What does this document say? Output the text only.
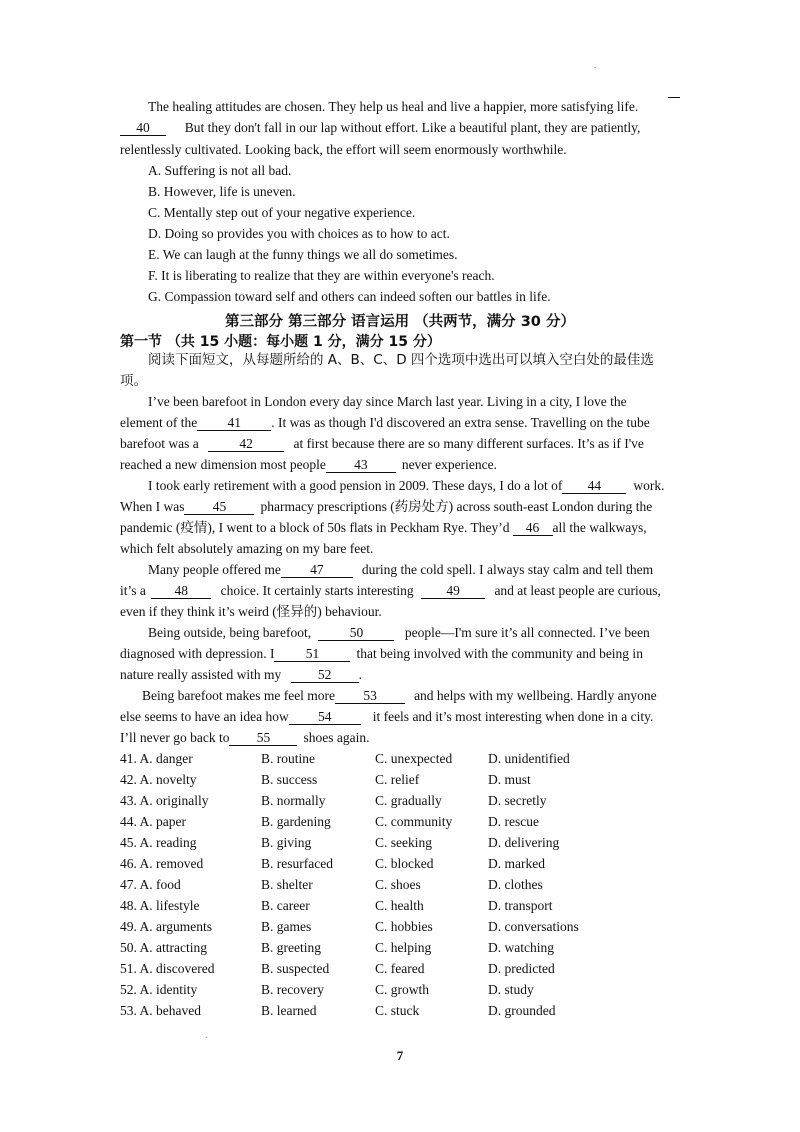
.
The healing attitudes are chosen. They help us heal and live a happier, more satisfying life.
40	But they don't fall in our lap without effort. Like a beautiful plant, they are patiently,
relentlessly cultivated. Looking back, the effort will seem enormously worthwhile.
A. Suffering is not all bad.
B. However, life is uneven.
C. Mentally step out of your negative experience.
D. Doing so provides you with choices as to how to act.
E. We can laugh at the funny things we all do sometimes.
F. It is liberating to realize that they are within everyone's reach.
G. Compassion toward self and others can indeed soften our battles in life.
第三部分 第三部分 语言运用 （共两节，满分 30 分）
第一节 （共 15 小题：每小题 1 分，满分 15 分）
阅读下面短文，从每题所给的 A、B、C、D 四个选项中选出可以填入空白处的最佳选
项。
I’ve been barefoot in London every day since March last year. Living in a city, I love the
element of the 41 . It was as though I'd discovered an extra sense. Travelling on the tube
barefoot was a	42	at first because there are so many different surfaces. It’s as if I've
reached a new dimension most people 43	never experience.
I took early retirement with a good pension in 2009. These days, I do a lot of 44 work.
When I was 45	pharmacy prescriptions (药房处方) across south-east London during the
pandemic (疫情), I went to a block of 50s flats in Peckham Rye. They’d 46 all the walkways,
which felt absolutely amazing on my bare feet.
Many people offered me 47	during the cold spell. I always stay calm and tell them
it’s a 48 choice. It certainly starts interesting 49	and at least people are curious,
even if they think it’s weird (怪异的) behaviour.
Being outside, being barefoot,	50	people—I'm sure it’s all connected. I’ve been
diagnosed with depression. I 51	that being involved with the community and being in
nature really assisted with my	52 .
Being barefoot makes me feel more 53	and helps with my wellbeing. Hardly anyone
else seems to have an idea how 54	it feels and it’s most interesting when done in a city.
I’ll never go back to 55 shoes again.
41. A. danger	B. routine	C. unexpected	D. unidentified
42. A. novelty	B. success	C. relief	D. must
43. A. originally	B. normally	C. gradually	D. secretly
44. A. paper	B. gardening	C. community	D. rescue
45. A. reading	B. giving	C. seeking	D. delivering
46. A. removed	B. resurfaced	C. blocked	D. marked
47. A. food	B. shelter	C. shoes	D. clothes
48. A. lifestyle	B. career	C. health	D. transport
49. A. arguments	B. games	C. hobbies	D. conversations
50. A. attracting	B. greeting	C. helping	D. watching
51. A. discovered	B. suspected	C. feared	D. predicted
52. A. identity	B. recovery	C. growth	D. study
53. A. behaved	B. learned	C. stuck	D. grounded
.
7
